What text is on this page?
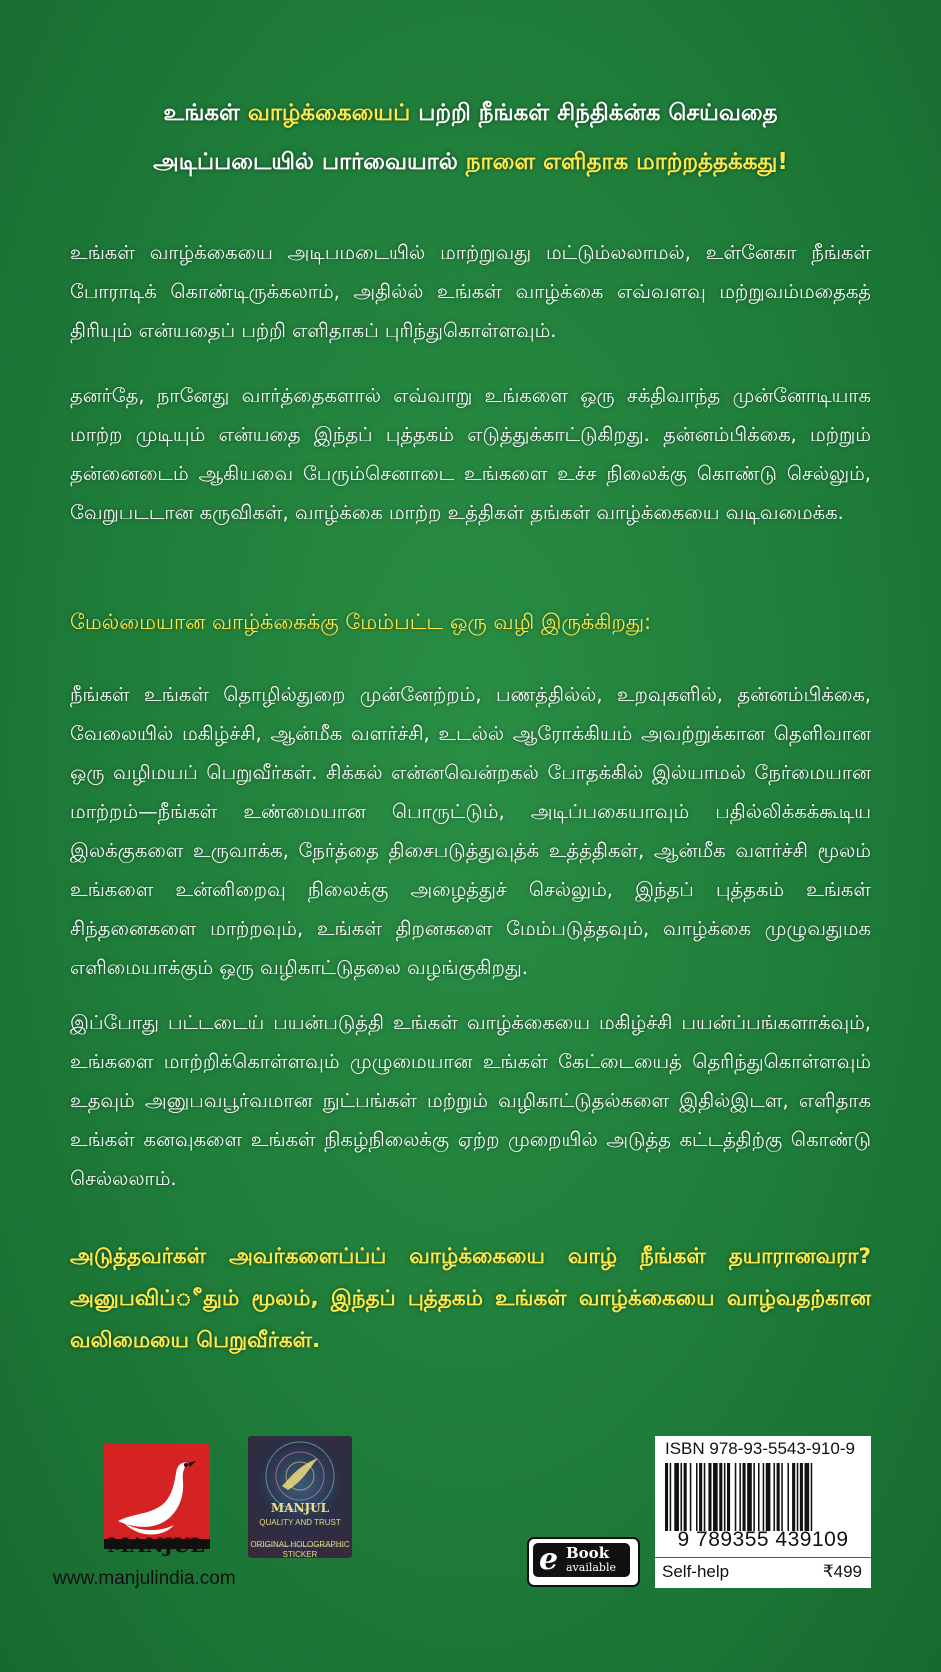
உங்கள் வாழ்க்கையைப் பற்றி நீங்கள் சிந்திக்ன்க செய்வதை
அடிப்படையில் பார்வையால் நாளை எளிதாக மாற்றத்தக்கது!
உங்கள் வாழ்க்கையை அடிபமடையில் மாற்றுவது மட்டும்லலாமல், உள்னேகா நீங்கள் போராடிக் கொண்டிருக்கலாம், அதில்ல் உங்கள் வாழ்க்கை எவ்வளவு மற்றுவம்மதைகத் திரியும் என்யதைப் பற்றி எளிதாகப் புரிந்துகொள்ளவும்.
தனர்தே, நானேது வார்த்தைகளால் எவ்வாறு உங்களை ஒரு சக்திவாந்த முன்னோடியாக மாற்ற முடியும் என்யதை இந்தப் புத்தகம் எடுத்துக்காட்டுகிறது. தன்னம்பிக்கை, மற்றும் தன்னைடைம் ஆகியவை பேரும்செனாடை உங்களை உச்ச நிலைக்கு கொண்டு செல்லும், வேறுபடடான கருவிகள், வாழ்க்கை மாற்ற உத்திகள் தங்கள் வாழ்க்கையை வடிவமைக்க.
மேல்மையான வாழ்க்கைக்கு மேம்பட்ட ஒரு வழி இருக்கிறது:
நீங்கள் உங்கள் தொழில்துறை முன்னேற்றம், பணத்தில்ல், உறவுகளில், தன்னம்பிக்கை, வேலையில் மகிழ்ச்சி, ஆன்மீக வளர்ச்சி, உடல்ல் ஆரோக்கியம் அவற்றுக்கான தெளிவான ஒரு வழிமயப் பெறுவீர்கள். சிக்கல் என்னவென்றகல் போதக்கில் இல்யாமல் நேர்மையான மாற்றம்—நீங்கள் உண்மையான பொருட்டும், அடிப்பகையாவும் பதில்லிக்கக்கூடிய இலக்குகளை உருவாக்க, நேர்த்தை திசைபடுத்துவுத்க் உத்த்திகள், ஆன்மீக வளர்ச்சி மூலம் உங்களை உன்னிறைவு நிலைக்கு அழைத்துச் செல்லும், இந்தப் புத்தகம் உங்கள் சிந்தனைகளை மாற்றவும், உங்கள் திறனகளை மேம்படுத்தவும், வாழ்க்கை முழுவதுமக எளிமையாக்கும் ஒரு வழிகாட்டுதலை வழங்குகிறது.
இப்போது பட்டடைய் பயன்படுத்தி உங்கள் வாழ்க்கையை மகிழ்ச்சி பயன்ப்பங்களாக்வும், உங்களை மாற்றிக்கொள்ளவும் முழுமையான உங்கள் கேட்டையைத் தெரிந்துகொள்ளவும் உதவும் அனுபவபூர்வமான நுட்பங்கள் மற்றும் வழிகாட்டுதல்களை இதில்இடள, எளிதாக உங்கள் கனவுகளை உங்கள் நிகழ்நிலைக்கு ஏற்ற முறையில் அடுத்த கட்டத்திற்கு கொண்டு செல்லலாம்.
அடுத்தவர்கள் அவர்களைப்ப்ப் வாழ்க்கையை வாழ் நீங்கள் தயாரானவரா? அனுபவிப்ீதும் மூலம், இந்தப் புத்தகம் உங்கள் வாழ்க்கையை வாழ்வதற்கான வலிமையை பெறுவீர்கள்.
MANJUL
www.manjulindia.com
MANJUL
QUALITY AND TRUST
ORIGINAL HOLOGRAPHIC STICKER	e Book
available
ISBN 978-93-5543-910-9
9 789355 439109
Self-help	₹499
